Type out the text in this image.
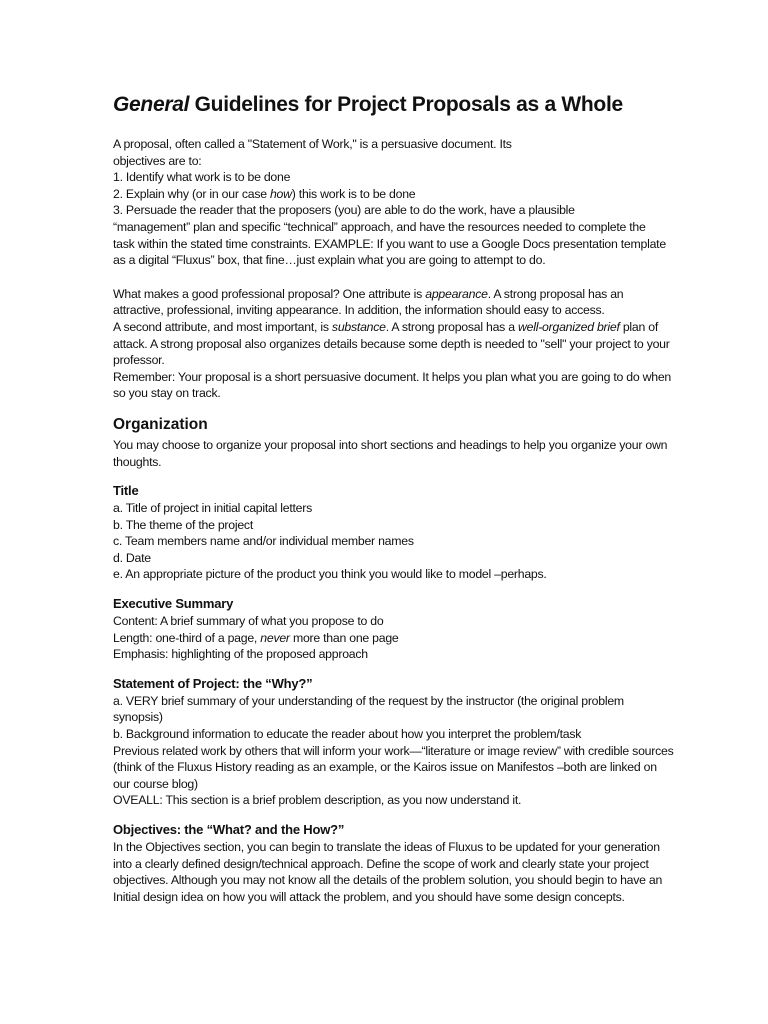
General Guidelines for Project Proposals as a Whole
A proposal, often called a "Statement of Work," is a persuasive document. Its
objectives are to:
1. Identify what work is to be done
2. Explain why (or in our case how) this work is to be done
3. Persuade the reader that the proposers (you) are able to do the work, have a plausible
“management” plan and specific “technical” approach, and have the resources needed to complete the
task within the stated time constraints. EXAMPLE: If you want to use a Google Docs presentation template
as a digital “Fluxus” box, that fine…just explain what you are going to attempt to do.
What makes a good professional proposal? One attribute is appearance. A strong proposal has an
attractive, professional, inviting appearance. In addition, the information should easy to access.
A second attribute, and most important, is substance. A strong proposal has a well-organized brief plan of
attack. A strong proposal also organizes details because some depth is needed to "sell" your project to your
professor.
Remember: Your proposal is a short persuasive document. It helps you plan what you are going to do when
so you stay on track.
Organization
You may choose to organize your proposal into short sections and headings to help you organize your own
thoughts.
Title
a. Title of project in initial capital letters
b. The theme of the project
c. Team members name and/or individual member names
d. Date
e. An appropriate picture of the product you think you would like to model –perhaps.
Executive Summary
Content: A brief summary of what you propose to do
Length: one-third of a page, never more than one page
Emphasis: highlighting of the proposed approach
Statement of Project: the “Why?”
a. VERY brief summary of your understanding of the request by the instructor (the original problem
synopsis)
b. Background information to educate the reader about how you interpret the problem/task
Previous related work by others that will inform your work—“literature or image review” with credible sources
(think of the Fluxus History reading as an example, or the Kairos issue on Manifestos –both are linked on
our course blog)
OVEALL: This section is a brief problem description, as you now understand it.
Objectives: the “What? and the How?”
In the Objectives section, you can begin to translate the ideas of Fluxus to be updated for your generation
into a clearly defined design/technical approach. Define the scope of work and clearly state your project
objectives. Although you may not know all the details of the problem solution, you should begin to have an
Initial design idea on how you will attack the problem, and you should have some design concepts.
